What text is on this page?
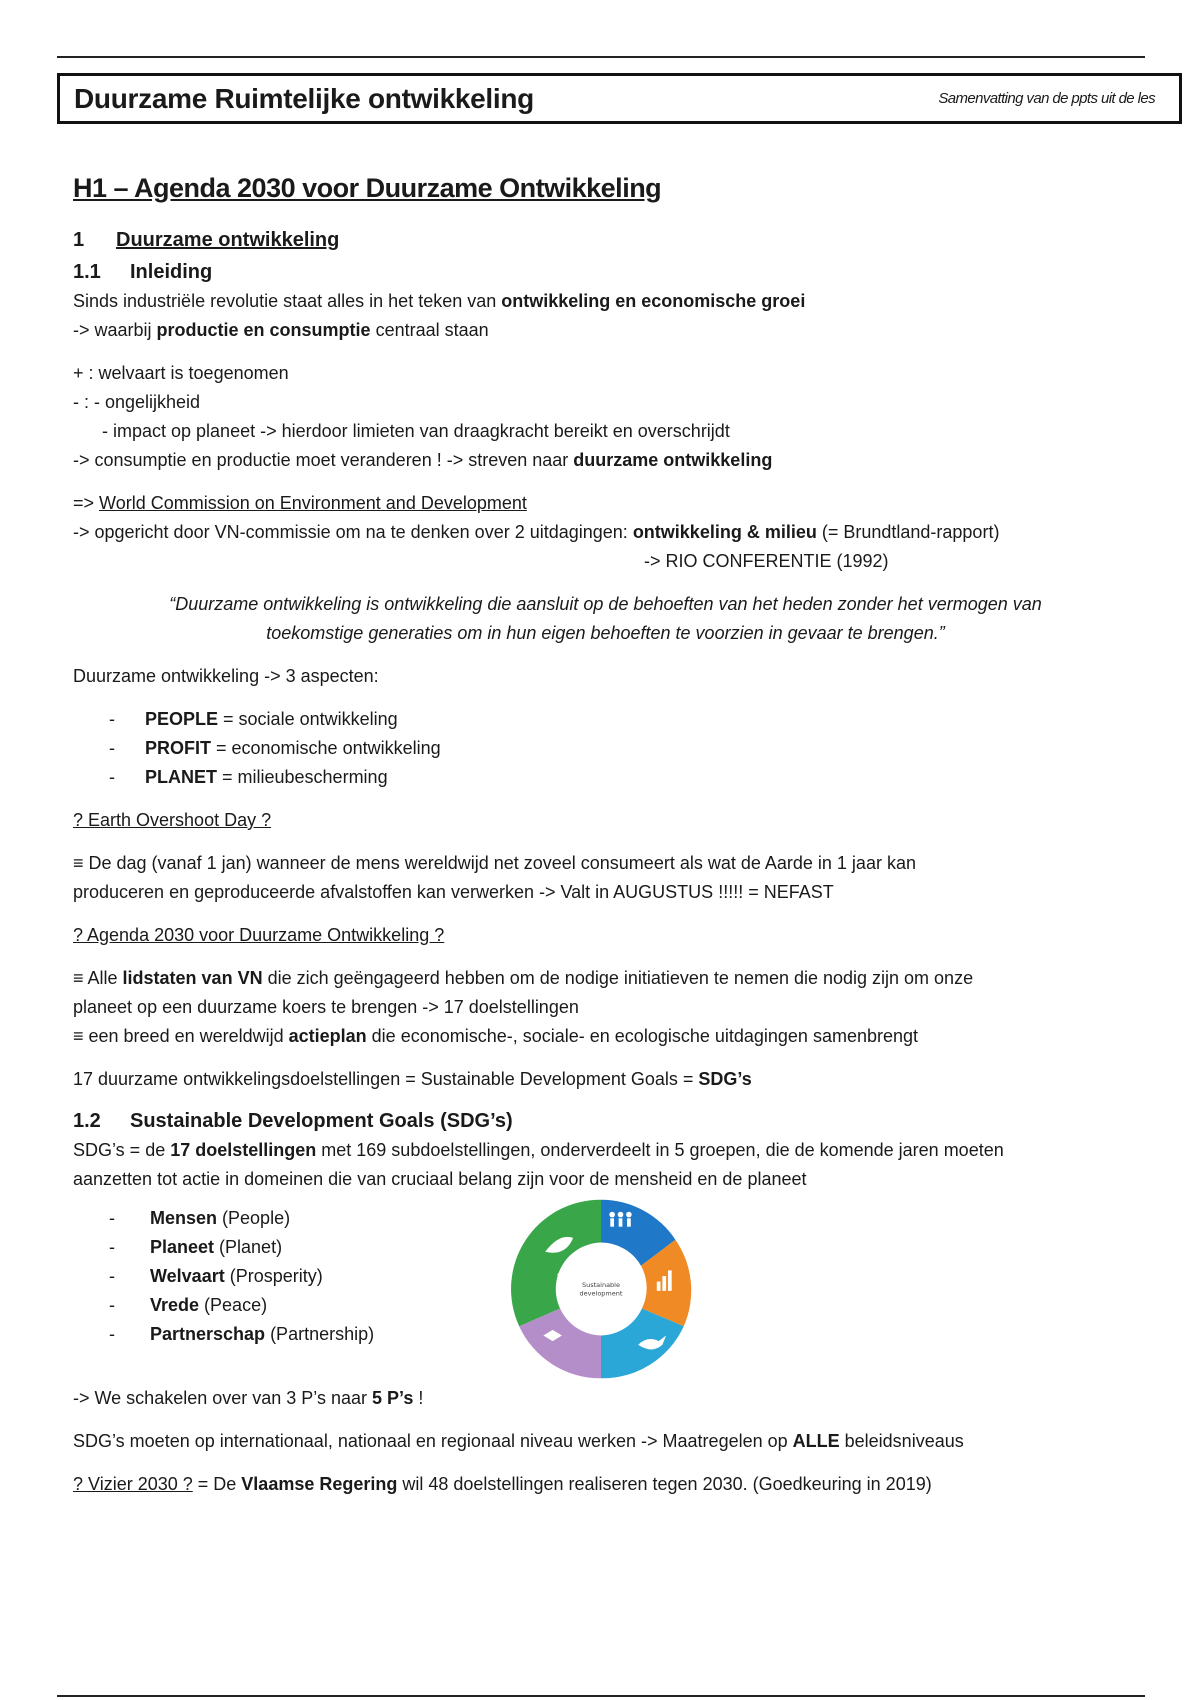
Duurzame Ruimtelijke ontwikkeling	Samenvatting van de ppts uit de les
H1 – Agenda 2030 voor Duurzame Ontwikkeling
1 Duurzame ontwikkeling
1.1 Inleiding

Sinds industriële revolutie staat alles in het teken van ontwikkeling en economische groei

-> waarbij productie en consumptie centraal staan

+ : welvaart is toegenomen

- : - ongelijkheid

- impact op planeet -> hierdoor limieten van draagkracht bereikt en overschrijdt

-> consumptie en productie moet veranderen ! -> streven naar duurzame ontwikkeling

=> World Commission on Environment and Development

-> opgericht door VN-commissie om na te denken over 2 uitdagingen: ontwikkeling & milieu (= Brundtland-rapport)

-> RIO CONFERENTIE (1992)

“Duurzame ontwikkeling is ontwikkeling die aansluit op de behoeften van het heden zonder het vermogen van
toekomstige generaties om in hun eigen behoeften te voorzien in gevaar te brengen.”

Duurzame ontwikkeling -> 3 aspecten:

- PEOPLE = sociale ontwikkeling
- PROFIT = economische ontwikkeling
- PLANET = milieubescherming

? Earth Overshoot Day ?

≡ De dag (vanaf 1 jan) wanneer de mens wereldwijd net zoveel consumeert als wat de Aarde in 1 jaar kan

produceren en geproduceerde afvalstoffen kan verwerken -> Valt in AUGUSTUS !!!!! = NEFAST

? Agenda 2030 voor Duurzame Ontwikkeling ?

≡ Alle lidstaten van VN die zich geëngageerd hebben om de nodige initiatieven te nemen die nodig zijn om onze

planeet op een duurzame koers te brengen -> 17 doelstellingen

≡ een breed en wereldwijd actieplan die economische-, sociale- en ecologische uitdagingen samenbrengt

17 duurzame ontwikkelingsdoelstellingen = Sustainable Development Goals = SDG’s

1.2 Sustainable Development Goals (SDG’s)

SDG’s = de 17 doelstellingen met 169 subdoelstellingen, onderverdeelt in 5 groepen, die de komende jaren moeten

aanzetten tot actie in domeinen die van cruciaal belang zijn voor de mensheid en de planeet

- Mensen (People)
- Planeet (Planet)
- Welvaart (Prosperity)
- Vrede (Peace)
- Partnerschap (Partnership)
Sustainable development

-> We schakelen over van 3 P’s naar 5 P’s !

SDG’s moeten op internationaal, nationaal en regionaal niveau werken -> Maatregelen op ALLE beleidsniveaus

? Vizier 2030 ? = De Vlaamse Regering wil 48 doelstellingen realiseren tegen 2030. (Goedkeuring in 2019)
